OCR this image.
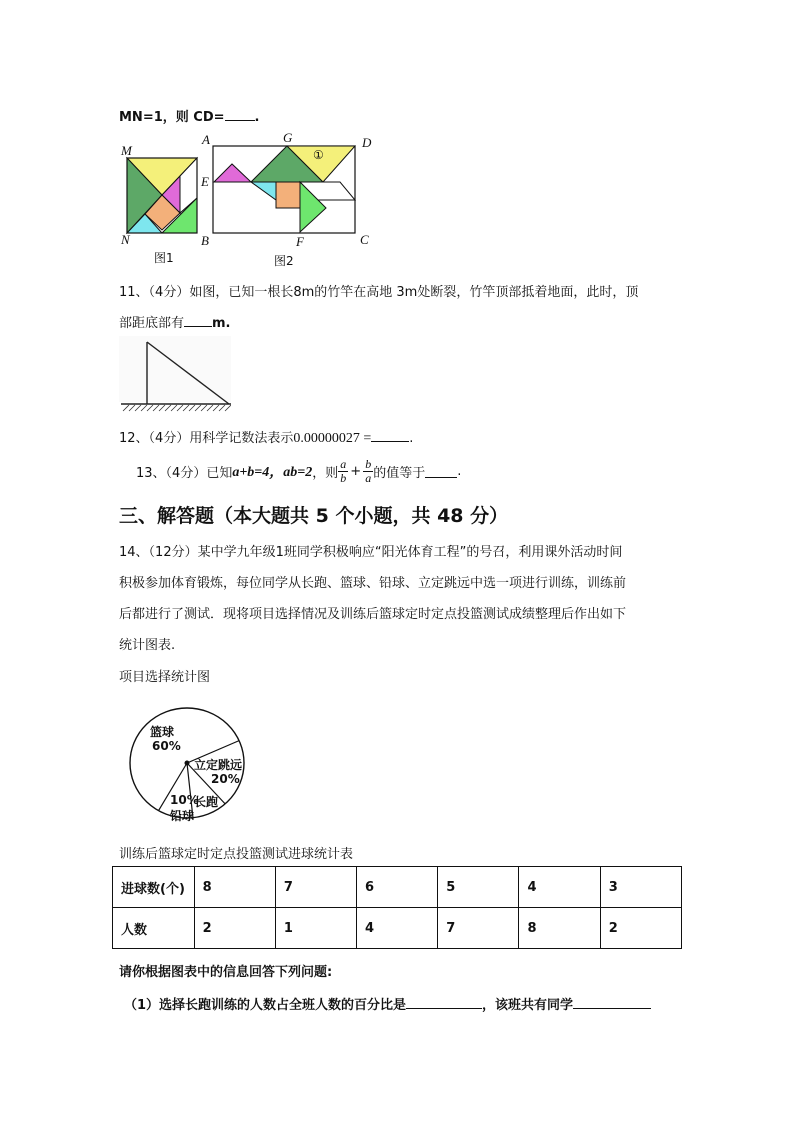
MN=1，则 CD= .
M
N
图1
A	G	D
E
B	F	C
①
图2
11、（4分）如图，已知一根长8m的竹竿在高地 3m处断裂，竹竿顶部抵着地面，此时，顶
部距底部有 m.
12、（4分）用科学记数法表示0.00000027 =	.
13、（4分）已知 a+b=4，ab=2 ，则 $\frac{a}{b} + \frac{b}{a}$ 的值等于 .
三、解答题（本大题共 5 个小题，共 48 分）
14、（12分）某中学九年级1班同学积极响应“阳光体育工程”的号召，利用课外活动时间
积极参加体育锻炼，每位同学从长跑、篮球、铅球、立定跳远中选一项进行训练，训练前
后都进行了测试．现将项目选择情况及训练后篮球定时定点投篮测试成绩整理后作出如下
统计图表.
项目选择统计图
篮球
60%
立定跳远
20%
10%
长跑
铅球
训练后篮球定时定点投篮测试进球统计表
进球数(个)	8	7	6	5	4	3
人数	2	1	4	7	8	2
请你根据图表中的信息回答下列问题:
（1）选择长跑训练的人数占全班人数的百分比是	，该班共有同学
